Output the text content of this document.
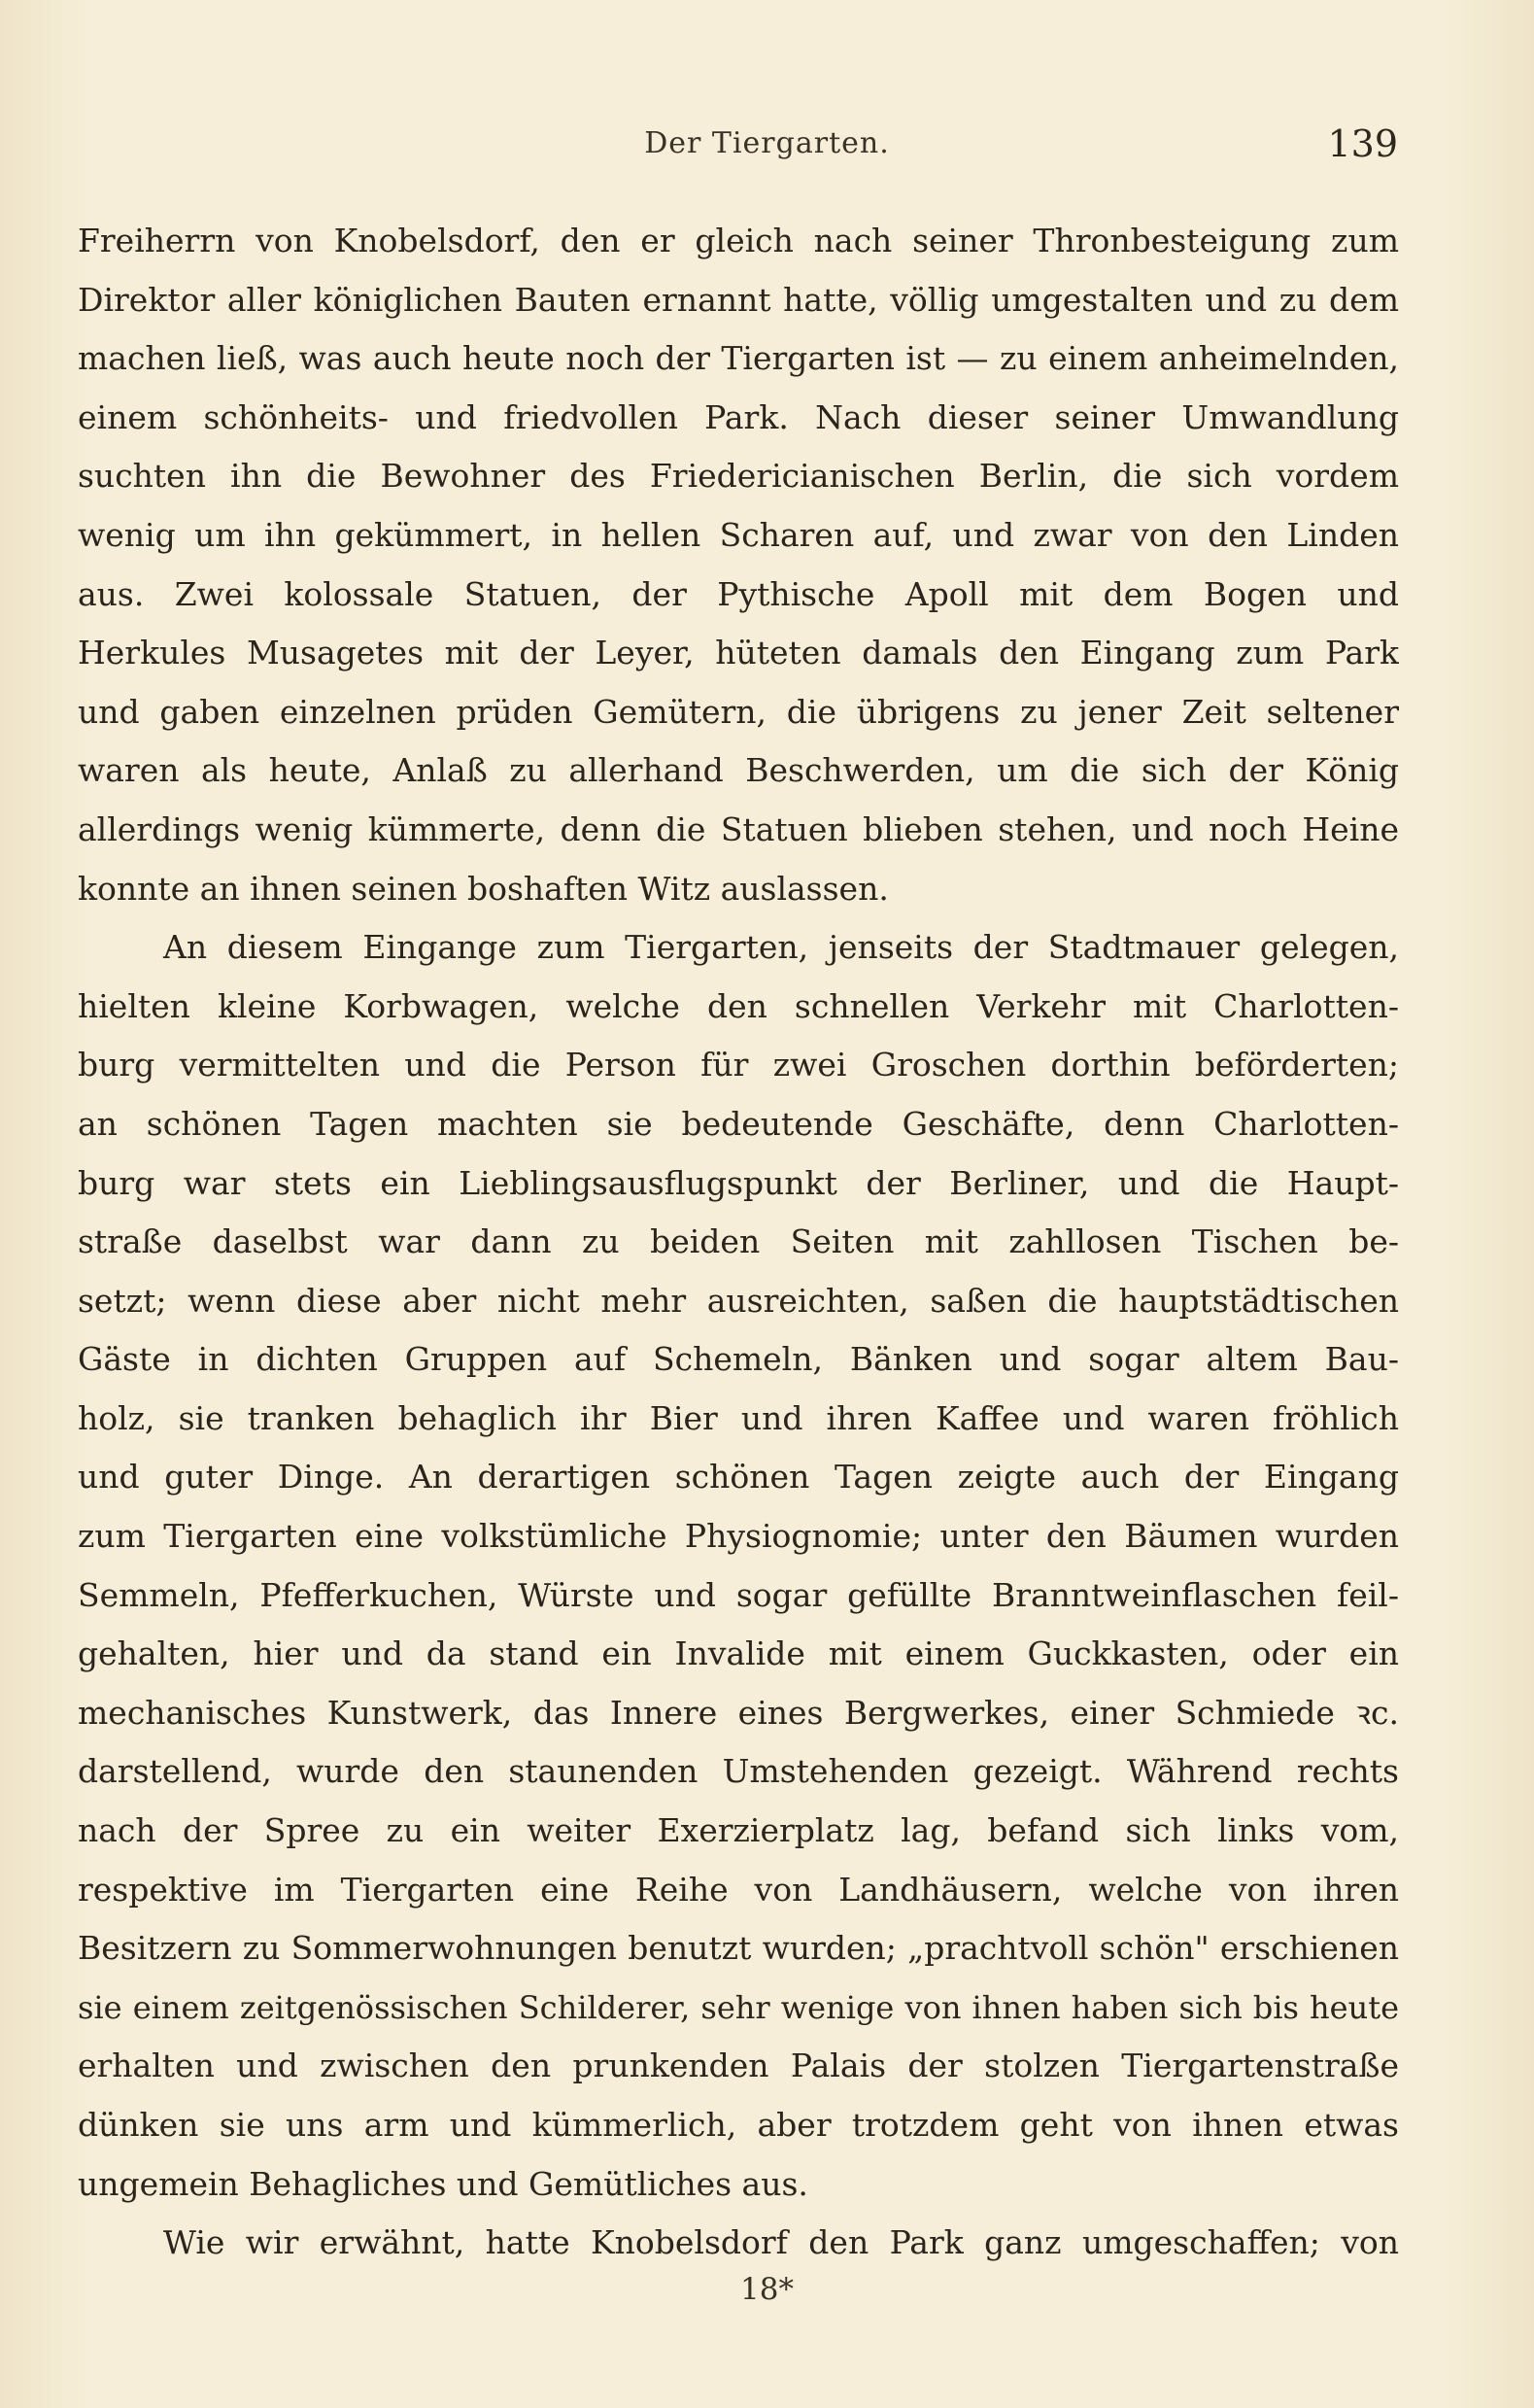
Der Tiergarten.	139
Freiherrn von Knobelsdorf, den er gleich nach seiner Thronbesteigung zum
Direktor aller königlichen Bauten ernannt hatte, völlig umgestalten und zu dem
machen ließ, was auch heute noch der Tiergarten ist — zu einem anheimelnden,
einem schönheits- und friedvollen Park. Nach dieser seiner Umwandlung
suchten ihn die Bewohner des Friedericianischen Berlin, die sich vordem
wenig um ihn gekümmert, in hellen Scharen auf, und zwar von den Linden
aus. Zwei kolossale Statuen, der Pythische Apoll mit dem Bogen und
Herkules Musagetes mit der Leyer, hüteten damals den Eingang zum Park
und gaben einzelnen prüden Gemütern, die übrigens zu jener Zeit seltener
waren als heute, Anlaß zu allerhand Beschwerden, um die sich der König
allerdings wenig kümmerte, denn die Statuen blieben stehen, und noch Heine
konnte an ihnen seinen boshaften Witz auslassen.
An diesem Eingange zum Tiergarten, jenseits der Stadtmauer gelegen,
hielten kleine Korbwagen, welche den schnellen Verkehr mit Charlotten-
burg vermittelten und die Person für zwei Groschen dorthin beförderten;
an schönen Tagen machten sie bedeutende Geschäfte, denn Charlotten-
burg war stets ein Lieblingsausflugspunkt der Berliner, und die Haupt-
straße daselbst war dann zu beiden Seiten mit zahllosen Tischen be-
setzt; wenn diese aber nicht mehr ausreichten, saßen die hauptstädtischen
Gäste in dichten Gruppen auf Schemeln, Bänken und sogar altem Bau-
holz, sie tranken behaglich ihr Bier und ihren Kaffee und waren fröhlich
und guter Dinge. An derartigen schönen Tagen zeigte auch der Eingang
zum Tiergarten eine volkstümliche Physiognomie; unter den Bäumen wurden
Semmeln, Pfefferkuchen, Würste und sogar gefüllte Branntweinflaschen feil-
gehalten, hier und da stand ein Invalide mit einem Guckkasten, oder ein
mechanisches Kunstwerk, das Innere eines Bergwerkes, einer Schmiede ꝛc.
darstellend, wurde den staunenden Umstehenden gezeigt. Während rechts
nach der Spree zu ein weiter Exerzierplatz lag, befand sich links vom,
respektive im Tiergarten eine Reihe von Landhäusern, welche von ihren
Besitzern zu Sommerwohnungen benutzt wurden; „prachtvoll schön" erschienen
sie einem zeitgenössischen Schilderer, sehr wenige von ihnen haben sich bis heute
erhalten und zwischen den prunkenden Palais der stolzen Tiergartenstraße
dünken sie uns arm und kümmerlich, aber trotzdem geht von ihnen etwas
ungemein Behagliches und Gemütliches aus.
Wie wir erwähnt, hatte Knobelsdorf den Park ganz umgeschaffen; von
18*
